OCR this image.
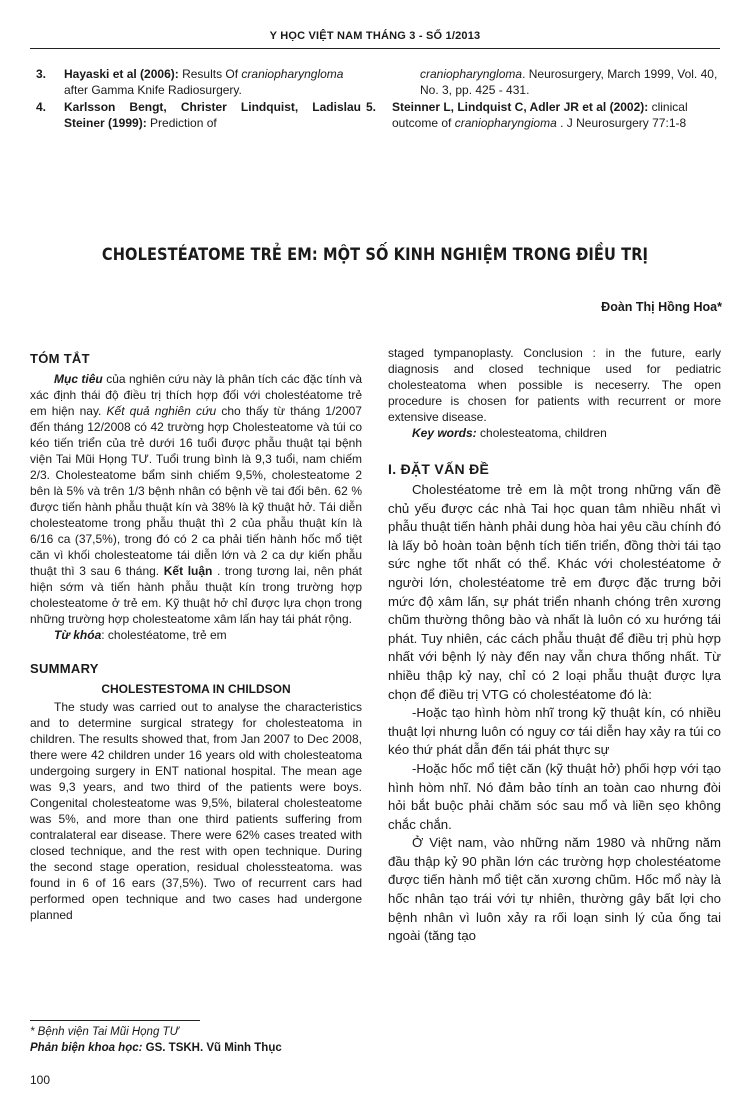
Y HỌC VIỆT NAM THÁNG 3 - SỐ 1/2013
3. Hayaski et al (2006): Results Of craniopharyngloma after Gamma Knife Radiosurgery.
4. Karlsson Bengt, Christer Lindquist, Ladislau Steiner (1999): Prediction of
craniopharyngloma. Neurosurgery, March 1999, Vol. 40, No. 3, pp. 425 - 431.
5. Steinner L, Lindquist C, Adler JR et al (2002): clinical outcome of craniopharyngioma . J Neurosurgery 77:1-8
CHOLESTÉATOME TRẺ EM: MỘT SỐ KINH NGHIỆM TRONG ĐIỀU TRỊ
Đoàn Thị Hồng Hoa*
TÓM TẮT

Mục tiêu của nghiên cứu này là phân tích các đặc tính và xác định thái độ điều trị thích hợp đối với cholestéatome trẻ em hiện nay. Kết quả nghiên cứu cho thấy từ tháng 1/2007 đến tháng 12/2008 có 42 trường hợp Cholesteatome và túi co kéo tiến triển của trẻ dưới 16 tuổi được phẫu thuật tại bệnh viện Tai Mũi Họng TƯ. Tuổi trung bình là 9,3 tuổi, nam chiếm 2/3. Cholesteatome bẩm sinh chiếm 9,5%, cholesteatome 2 bên là 5% và trên 1/3 bệnh nhân có bệnh về tai đối bên. 62 % được tiến hành phẫu thuật kín và 38% là kỹ thuật hở. Tái diễn cholesteatome trong phẫu thuật thì 2 của phẫu thuật kín là 6/16 ca (37,5%), trong đó có 2 ca phải tiến hành hốc mổ tiệt căn vì khối cholesteatome tái diễn lớn và 2 ca dự kiến phẫu thuật thì 3 sau 6 tháng. Kết luận . trong tương lai, nên phát hiện sớm và tiến hành phẫu thuật kín trong trường hợp cholesteatome ở trẻ em. Kỹ thuật hở chỉ được lựa chọn trong những trường hợp cholesteatome xâm lấn hay tái phát rộng.

Từ khóa: cholestéatome, trẻ em

SUMMARY
CHOLESTESTOMA IN CHILDSON

The study was carried out to analyse the characteristics and to determine surgical strategy for cholesteatoma in children. The results showed that, from Jan 2007 to Dec 2008, there were 42 children under 16 years old with cholesteatoma undergoing surgery in ENT national hospital. The mean age was 9,3 years, and two third of the patients were boys. Congenital cholesteatome was 9,5%, bilateral cholesteatome was 5%, and more than one third patients suffering from contralateral ear disease. There were 62% cases treated with closed technique, and the rest with open technique. During the second stage operation, residual cholessteatoma. was found in 6 of 16 ears (37,5%). Two of recurrent cars had performed open technique and two cases had undergone planned

staged tympanoplasty. Conclusion : in the future, early diagnosis and closed technique used for pediatric cholesteatoma when possible is neceserry. The open procedure is chosen for patients with recurrent or more extensive disease.

Key words: cholesteatoma, children

I. ĐẶT VẤN ĐỀ

Cholestéatome trẻ em là một trong những vấn đề chủ yếu được các nhà Tai học quan tâm nhiều nhất vì phẫu thuật tiến hành phải dung hòa hai yêu cầu chính đó là lấy bỏ hoàn toàn bệnh tích tiến triển, đồng thời tái tạo sức nghe tốt nhất có thể. Khác với cholestéatome ở người lớn, cholestéatome trẻ em được đặc trưng bởi mức độ xâm lấn, sự phát triển nhanh chóng trên xương chũm thường thông bào và nhất là luôn có xu hướng tái phát. Tuy nhiên, các cách phẫu thuật để điều trị phù hợp nhất với bệnh lý này đến nay vẫn chưa thống nhất. Từ nhiều thập kỷ nay, chỉ có 2 loại phẫu thuật được lựa chọn để điều trị VTG có cholestéatome đó là:

-Hoặc tạo hình hòm nhĩ trong kỹ thuật kín, có nhiều thuật lợi nhưng luôn có nguy cơ tái diễn hay xảy ra túi co kéo thứ phát dẫn đến tái phát thực sự

-Hoặc hốc mổ tiệt căn (kỹ thuật hở) phối hợp với tạo hình hòm nhĩ. Nó đảm bảo tính an toàn cao nhưng đòi hỏi bắt buộc phải chăm sóc sau mổ và liền sẹo không chắc chắn.

Ở Việt nam, vào những năm 1980 và những năm đầu thập kỷ 90 phần lớn các trường hợp cholestéatome được tiến hành mổ tiệt căn xương chũm. Hốc mổ này là hốc nhân tạo trái với tự nhiên, thường gây bất lợi cho bệnh nhân vì luôn xảy ra rối loạn sinh lý của ống tai ngoài (tăng tạo

* Bệnh viện Tai Mũi Họng TƯ
Phản biện khoa học: GS. TSKH. Vũ Minh Thục
100
